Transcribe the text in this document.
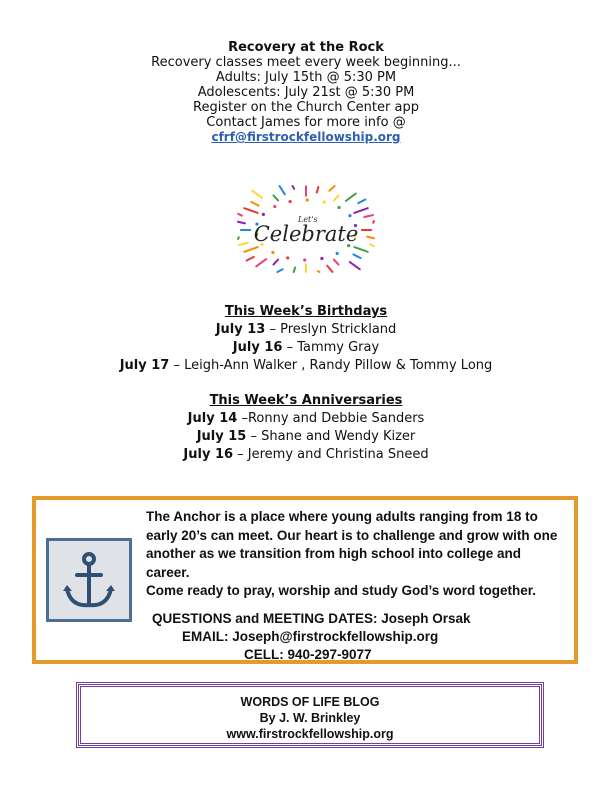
Recovery at the Rock
Recovery classes meet every week beginning...
Adults: July 15th @ 5:30 PM
Adolescents: July 21st @ 5:30 PM
Register on the Church Center app
Contact James for more info @
cfrf@firstrockfellowship.org
Let's
Celebrate
This Week’s Birthdays
July 13 – Preslyn Strickland
July 16 – Tammy Gray
July 17 – Leigh-Ann Walker , Randy Pillow & Tommy Long
This Week’s Anniversaries
July 14 –Ronny and Debbie Sanders
July 15 – Shane and Wendy Kizer
July 16 – Jeremy and Christina Sneed
The Anchor is a place where young adults ranging from 18 to
early 20’s can meet. Our heart is to challenge and grow with one
another as we transition from high school into college and career.
Come ready to pray, worship and study God’s word together.
QUESTIONS and MEETING DATES: Joseph Orsak
EMAIL: Joseph@firstrockfellowship.org
CELL: 940-297-9077
WORDS OF LIFE BLOG
By J. W. Brinkley
www.firstrockfellowship.org
